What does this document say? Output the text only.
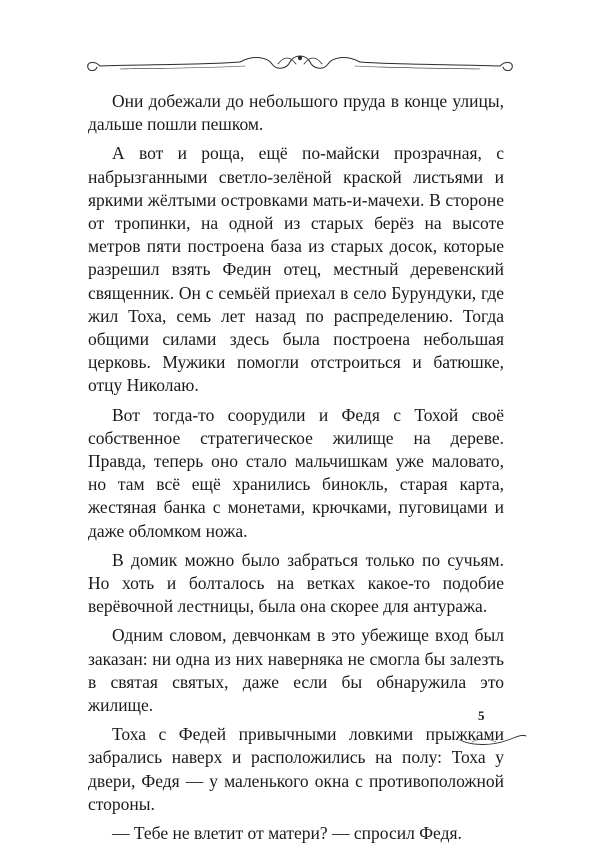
Они добежали до небольшого пруда в конце улицы, дальше пошли пешком.

А вот и роща, ещё по-майски прозрачная, с набрызганными светло-зелёной краской листьями и яркими жёлтыми островками мать-и-мачехи. В стороне от тропинки, на одной из старых берёз на высоте метров пяти построена база из старых досок, которые разрешил взять Федин отец, местный деревенский священник. Он с семьёй приехал в село Бурундуки, где жил Тоха, семь лет назад по распределению. Тогда общими силами здесь была построена небольшая церковь. Мужики помогли отстроиться и батюшке, отцу Николаю.

Вот тогда-то соорудили и Федя с Тохой своё собственное стратегическое жилище на дереве. Правда, теперь оно стало мальчишкам уже маловато, но там всё ещё хранились бинокль, старая карта, жестяная банка с монетами, крючками, пуговицами и даже обломком ножа.

В домик можно было забраться только по сучьям. Но хоть и болталось на ветках какое-то подобие верёвочной лестницы, была она скорее для антуража.

Одним словом, девчонкам в это убежище вход был заказан: ни одна из них наверняка не смогла бы залезть в святая святых, даже если бы обнаружила это жилище.

Тоха с Федей привычными ловкими прыжками забрались наверх и расположились на полу: Тоха у двери, Федя — у маленького окна с противоположной стороны.

— Тебе не влетит от матери? — спросил Федя.

5
